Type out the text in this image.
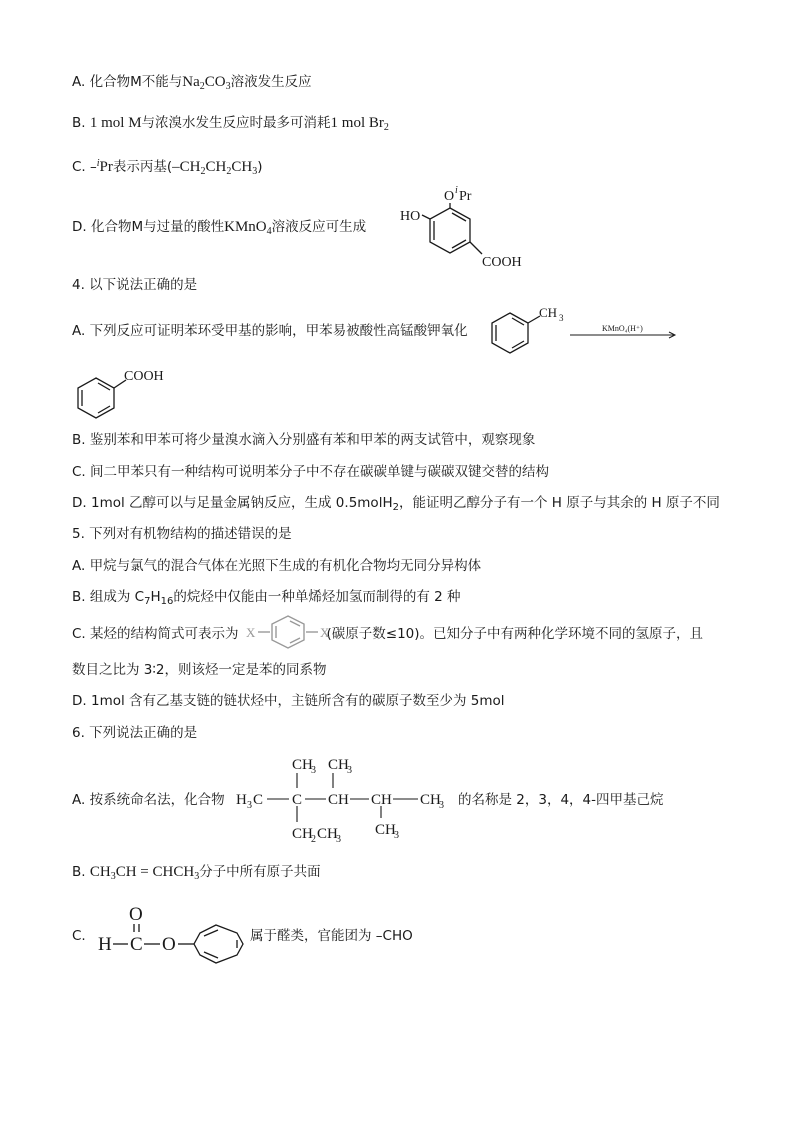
A. 化合物M不能与$Na_2CO_3$溶液发生反应
B. 1 mol M与浓溴水发生反应时最多可消耗1 mol $Br_2$
C. –$^i$Pr表示丙基$(-CH_2CH_2CH_3)$
D. 化合物M与过量的酸性KMnO$_4$溶液反应可生成
HO
O i Pr
COOH
4. 以下说法正确的是
A. 下列反应可证明苯环受甲基的影响，甲苯易被酸性高锰酸钾氧化
CH 3
KMnO₄(H⁺)
COOH
B. 鉴别苯和甲苯可将少量溴水滴入分别盛有苯和甲苯的两支试管中，观察现象
C. 间二甲苯只有一种结构可说明苯分子中不存在碳碳单键与碳碳双键交替的结构
D. 1mol 乙醇可以与足量金属钠反应，生成 0.5molH$_2$，能证明乙醇分子有一个 H 原子与其余的 H 原子不同
5. 下列对有机物结构的描述错误的是
A. 甲烷与氯气的混合气体在光照下生成的有机化合物均无同分异构体
B. 组成为 $C_7H_{16}$的烷烃中仅能由一种单烯烃加氢而制得的有 2 种
C. 某烃的结构简式可表示为	(碳原子数≤10)。已知分子中有两种化学环境不同的氢原子，且
X	X
数目之比为 3∶2，则该烃一定是苯的同系物
D. 1mol 含有乙基支链的链状烃中，主链所含有的碳原子数至少为 5mol
6. 下列说法正确的是
A. 按系统命名法，化合物
CH
3 CH
3
H 3 C C CH CH CH
3
CH
2 CH
3
CH
3
的名称是 2，3，4，4-四甲基己烷
B. $CH_3CH$ = $CHCH_3$分子中所有原子共面
C.
O
H C O	属于醛类，官能团为 –CHO
